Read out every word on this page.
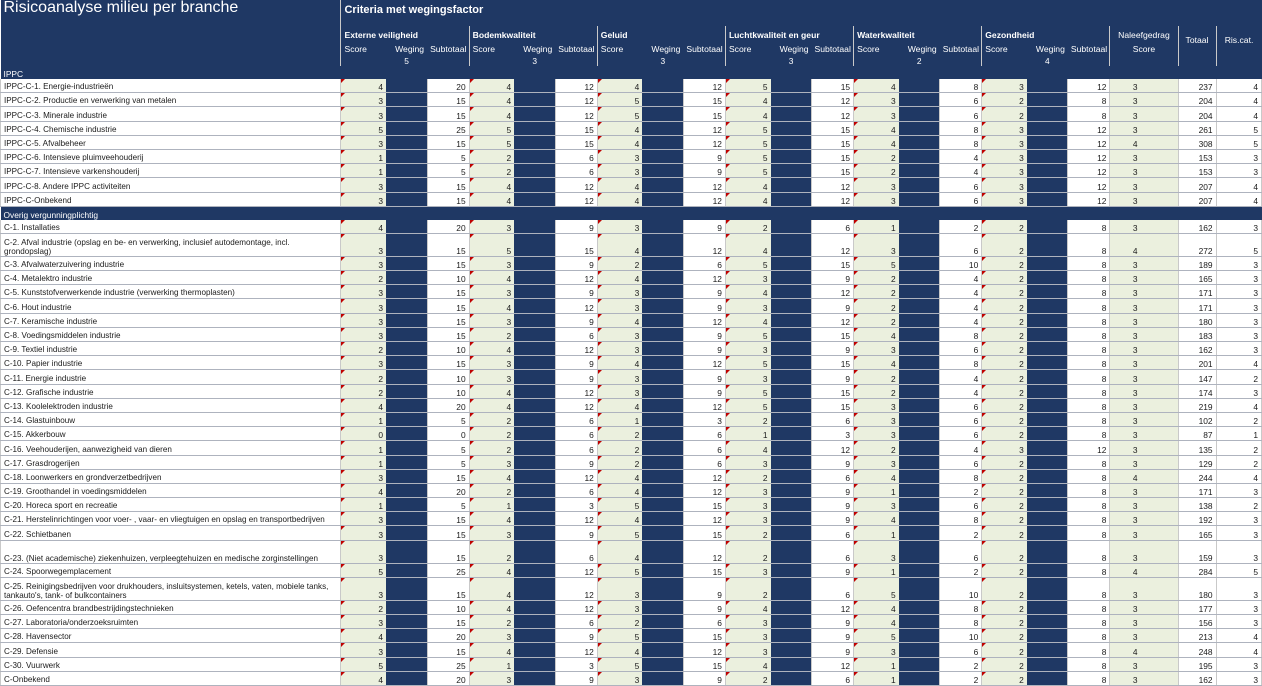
Risicoanalyse milieu per branche	Criteria met wegingsfactor																				
	Externe veiligheid			Bodemkwaliteit			Geluid			Luchtkwaliteit en geur			Waterkwaliteit			Gezondheid			Naleefgedrag	Totaal	Ris.cat.
	Score	Weging	Subtotaal	Score	Weging	Subtotaal	Score	Weging	Subtotaal	Score	Weging	Subtotaal	Score	Weging	Subtotaal	Score	Weging	Subtotaal	Score		
		5			3			3			3			2			4				
IPPC																					
IPPC-C-1. Energie-industrieën	4		20	4		12	4		12	5		15	4		8	3		12	3	237	4
IPPC-C-2. Productie en verwerking van metalen	3		15	4		12	5		15	4		12	3		6	2		8	3	204	4
IPPC-C-3. Minerale industrie	3		15	4		12	5		15	4		12	3		6	2		8	3	204	4
IPPC-C-4. Chemische industrie	5		25	5		15	4		12	5		15	4		8	3		12	3	261	5
IPPC-C-5. Afvalbeheer	3		15	5		15	4		12	5		15	4		8	3		12	4	308	5
IPPC-C-6. Intensieve pluimveehouderij	1		5	2		6	3		9	5		15	2		4	3		12	3	153	3
IPPC-C-7. Intensieve varkenshouderij	1		5	2		6	3		9	5		15	2		4	3		12	3	153	3
IPPC-C-8. Andere IPPC activiteiten	3		15	4		12	4		12	4		12	3		6	3		12	3	207	4
IPPC-C-Onbekend	3		15	4		12	4		12	4		12	3		6	3		12	3	207	4
Overig vergunningplichtig																					
C-1. Installaties	4		20	3		9	3		9	2		6	1		2	2		8	3	162	3
C-2. Afval industrie (opslag en be- en verwerking, inclusief autodemontage, incl. grondopslag)	3		15	5		15	4		12	4		12	3		6	2		8	4	272	5
C-3. Afvalwaterzuivering industrie	3		15	3		9	2		6	5		15	5		10	2		8	3	189	3
C-4. Metalektro industrie	2		10	4		12	4		12	3		9	2		4	2		8	3	165	3
C-5. Kunststofverwerkende industrie (verwerking thermoplasten)	3		15	3		9	3		9	4		12	2		4	2		8	3	171	3
C-6. Hout industrie	3		15	4		12	3		9	3		9	2		4	2		8	3	171	3
C-7. Keramische industrie	3		15	3		9	4		12	4		12	2		4	2		8	3	180	3
C-8. Voedingsmiddelen industrie	3		15	2		6	3		9	5		15	4		8	2		8	3	183	3
C-9. Textiel industrie	2		10	4		12	3		9	3		9	3		6	2		8	3	162	3
C-10. Papier industrie	3		15	3		9	4		12	5		15	4		8	2		8	3	201	4
C-11. Energie industrie	2		10	3		9	3		9	3		9	2		4	2		8	3	147	2
C-12. Grafische industrie	2		10	4		12	3		9	5		15	2		4	2		8	3	174	3
C-13. Koolelektroden industrie	4		20	4		12	4		12	5		15	3		6	2		8	3	219	4
C-14. Glastuinbouw	1		5	2		6	1		3	2		6	3		6	2		8	3	102	2
C-15. Akkerbouw	0		0	2		6	2		6	1		3	3		6	2		8	3	87	1
C-16. Veehouderijen, aanwezigheid van dieren	1		5	2		6	2		6	4		12	2		4	3		12	3	135	2
C-17. Grasdrogerijen	1		5	3		9	2		6	3		9	3		6	2		8	3	129	2
C-18. Loonwerkers en grondverzetbedrijven	3		15	4		12	4		12	2		6	4		8	2		8	4	244	4
C-19. Groothandel in voedingsmiddelen	4		20	2		6	4		12	3		9	1		2	2		8	3	171	3
C-20. Horeca sport en recreatie	1		5	1		3	5		15	3		9	3		6	2		8	3	138	2
C-21. Herstelinrichtingen voor voer- , vaar- en vliegtuigen en opslag en transportbedrijven	3		15	4		12	4		12	3		9	4		8	2		8	3	192	3
C-22. Schietbanen	3		15	3		9	5		15	2		6	1		2	2		8	3	165	3
C-23. (Niet academische) ziekenhuizen, verpleegtehuizen en medische zorginstellingen	3		15	2		6	4		12	2		6	3		6	2		8	3	159	3
C-24. Spoorwegemplacement	5		25	4		12	5		15	3		9	1		2	2		8	4	284	5
C-25. Reinigingsbedrijven voor drukhouders, insluitsystemen, ketels, vaten, mobiele tanks, tankauto's, tank- of bulkcontainers	3		15	4		12	3		9	2		6	5		10	2		8	3	180	3
C-26. Oefencentra brandbestrijdingstechnieken	2		10	4		12	3		9	4		12	4		8	2		8	3	177	3
C-27. Laboratoria/onderzoeksruimten	3		15	2		6	2		6	3		9	4		8	2		8	3	156	3
C-28. Havensector	4		20	3		9	5		15	3		9	5		10	2		8	3	213	4
C-29. Defensie	3		15	4		12	4		12	3		9	3		6	2		8	4	248	4
C-30. Vuurwerk	5		25	1		3	5		15	4		12	1		2	2		8	3	195	3
C-Onbekend	4		20	3		9	3		9	2		6	1		2	2		8	3	162	3
